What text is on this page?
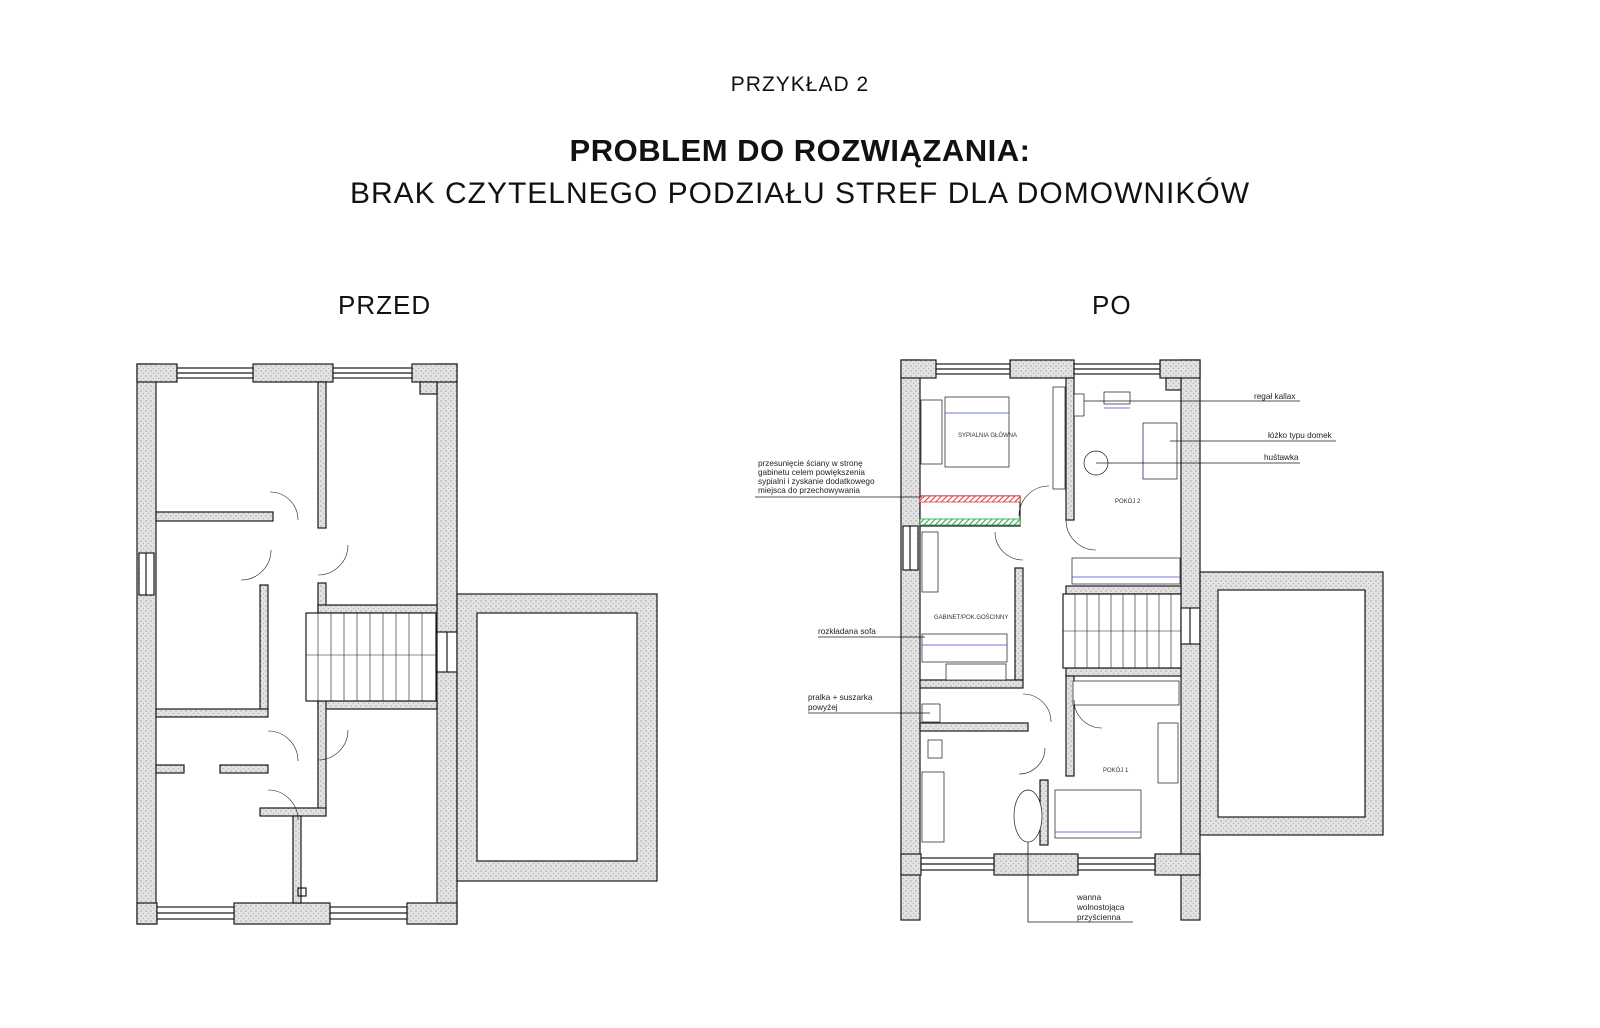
PRZYKŁAD 2
PROBLEM DO ROZWIĄZANIA:
BRAK CZYTELNEGO PODZIAŁU STREF DLA DOMOWNIKÓW
PRZED	PO
SYPIALNIA GŁÓWNA
POKÓJ 2
GABINET/POK.GOŚCINNY
POKÓJ 1
przesunięcie ściany w stronę gabinetu celem powiększenia sypialni i zyskanie dodatkowego miejsca do przechowywania
rozkładana sofa
pralka + suszarka powyżej
regał kallax
łóżko typu domek
huśtawka
wanna wolnostojąca przyścienna
